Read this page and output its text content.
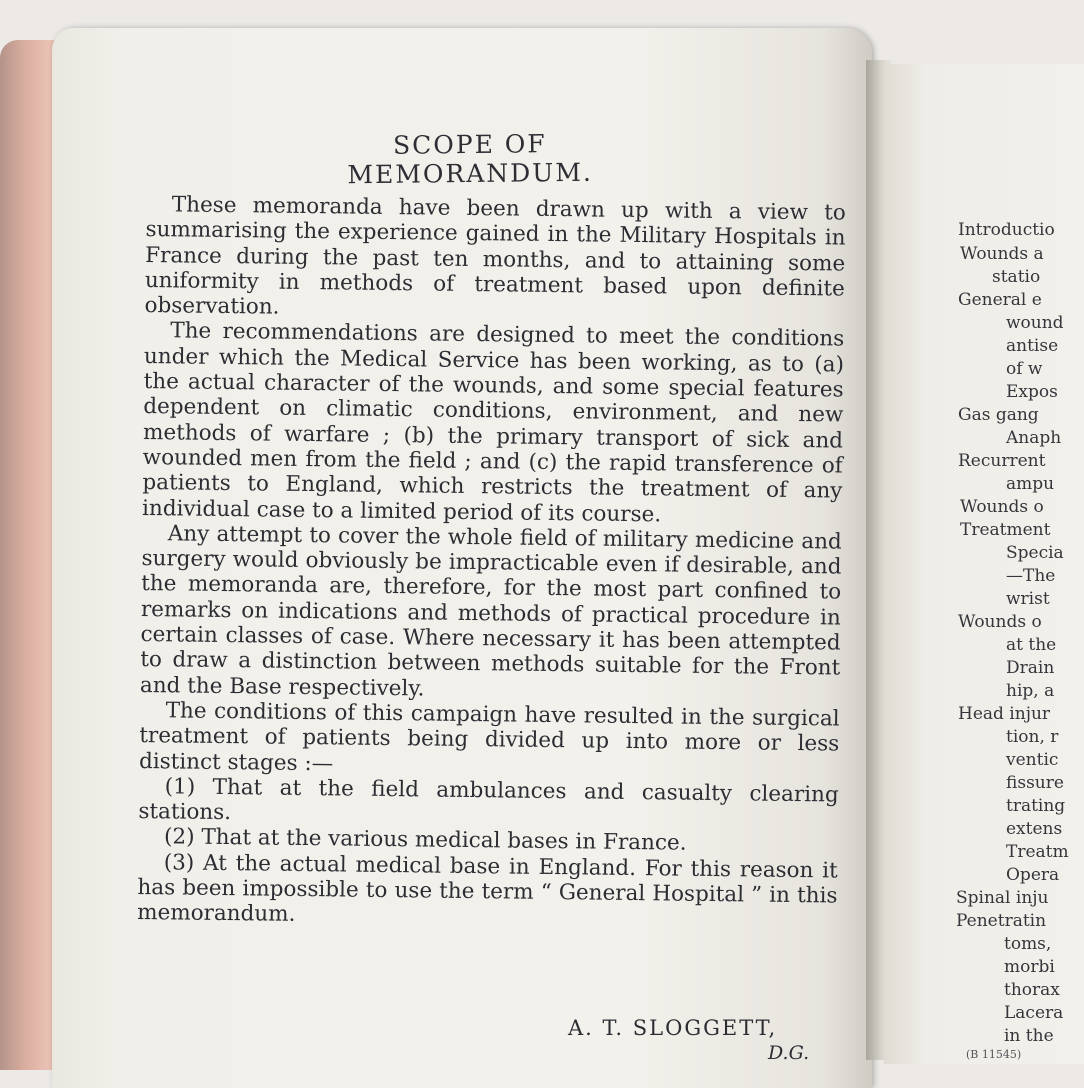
Introductio
Wounds a
statio
General e
wound
antise
of w
Expos
Gas gang
Anaph
Recurrent
ampu
Wounds o
Treatment
Specia
—The
wrist
Wounds o
at the
Drain
hip, a
Head injur
tion, r
ventic
fissure
trating
extens
Treatm
Opera
Spinal inju
Penetratin
toms,
morbi
thorax
Lacera
in the
SCOPE OF MEMORANDUM.

These memoranda have been drawn up with a view to summarising the experience gained in the Military Hospitals in France during the past ten months, and to attaining some uniformity in methods of treatment based upon definite observation.

The recommendations are designed to meet the conditions under which the Medical Service has been working, as to (a) the actual character of the wounds, and some special features dependent on climatic conditions, environment, and new methods of warfare ; (b) the primary transport of sick and wounded men from the field ; and (c) the rapid transference of patients to England, which restricts the treatment of any individual case to a limited period of its course.

Any attempt to cover the whole field of military medicine and surgery would obviously be impracticable even if desirable, and the memoranda are, therefore, for the most part confined to remarks on indications and methods of practical procedure in certain classes of case. Where necessary it has been attempted to draw a distinction between methods suitable for the Front and the Base respectively.

The conditions of this campaign have resulted in the surgical treatment of patients being divided up into more or less distinct stages :—

(1) That at the field ambulances and casualty clearing stations.

(2) That at the various medical bases in France.

(3) At the actual medical base in England. For this reason it has been impossible to use the term “ General Hospital ” in this memorandum.

A. T. SLOGGETT,
D.G.	(B 11545)
